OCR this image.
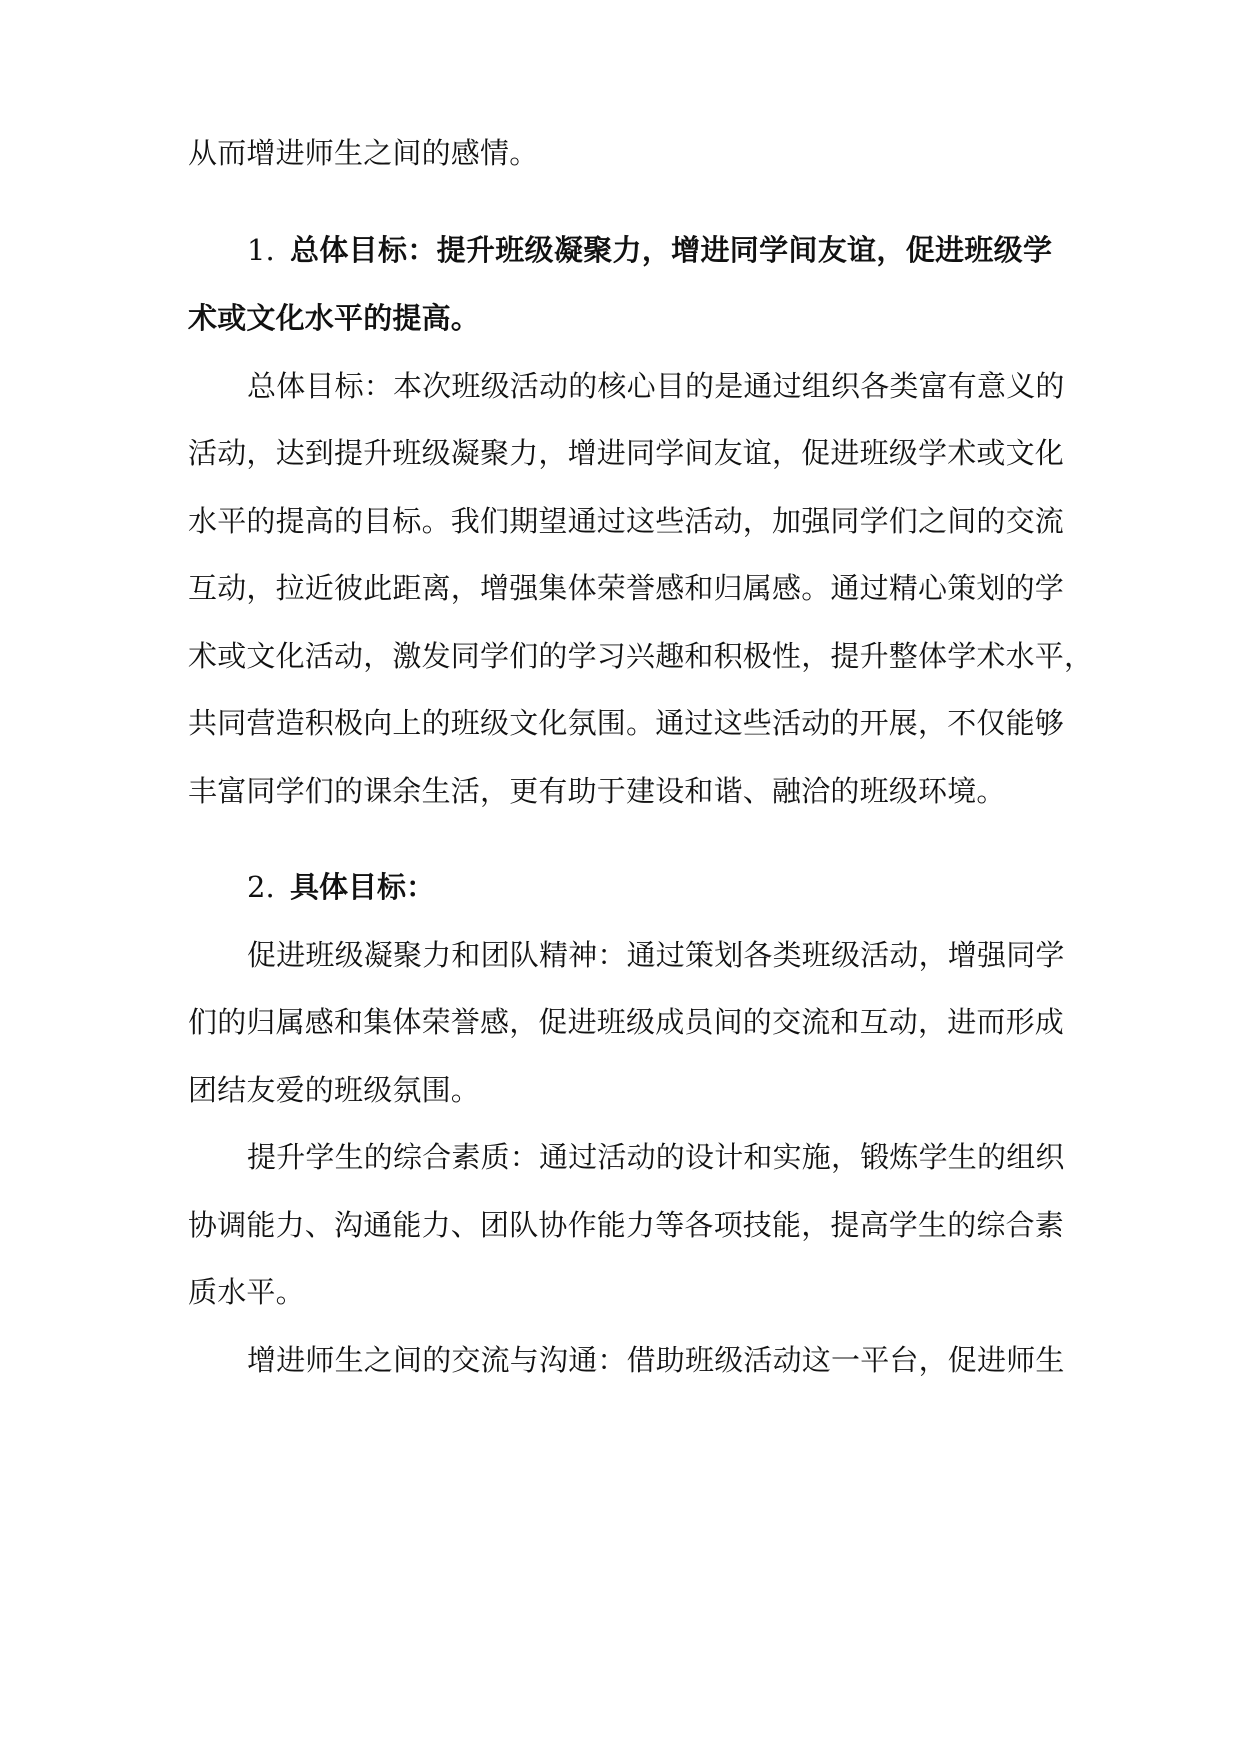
从而增进师生之间的感情。
1. 总体目标：提升班级凝聚力，增进同学间友谊，促进班级学
术或文化水平的提高。
总体目标：本次班级活动的核心目的是通过组织各类富有意义的
活动，达到提升班级凝聚力，增进同学间友谊，促进班级学术或文化
水平的提高的目标。我们期望通过这些活动，加强同学们之间的交流
互动，拉近彼此距离，增强集体荣誉感和归属感。通过精心策划的学
术或文化活动，激发同学们的学习兴趣和积极性，提升整体学术水平，
共同营造积极向上的班级文化氛围。通过这些活动的开展，不仅能够
丰富同学们的课余生活，更有助于建设和谐、融洽的班级环境。
2. 具体目标：
促进班级凝聚力和团队精神：通过策划各类班级活动，增强同学
们的归属感和集体荣誉感，促进班级成员间的交流和互动，进而形成
团结友爱的班级氛围。
提升学生的综合素质：通过活动的设计和实施，锻炼学生的组织
协调能力、沟通能力、团队协作能力等各项技能，提高学生的综合素
质水平。
增进师生之间的交流与沟通：借助班级活动这一平台，促进师生
